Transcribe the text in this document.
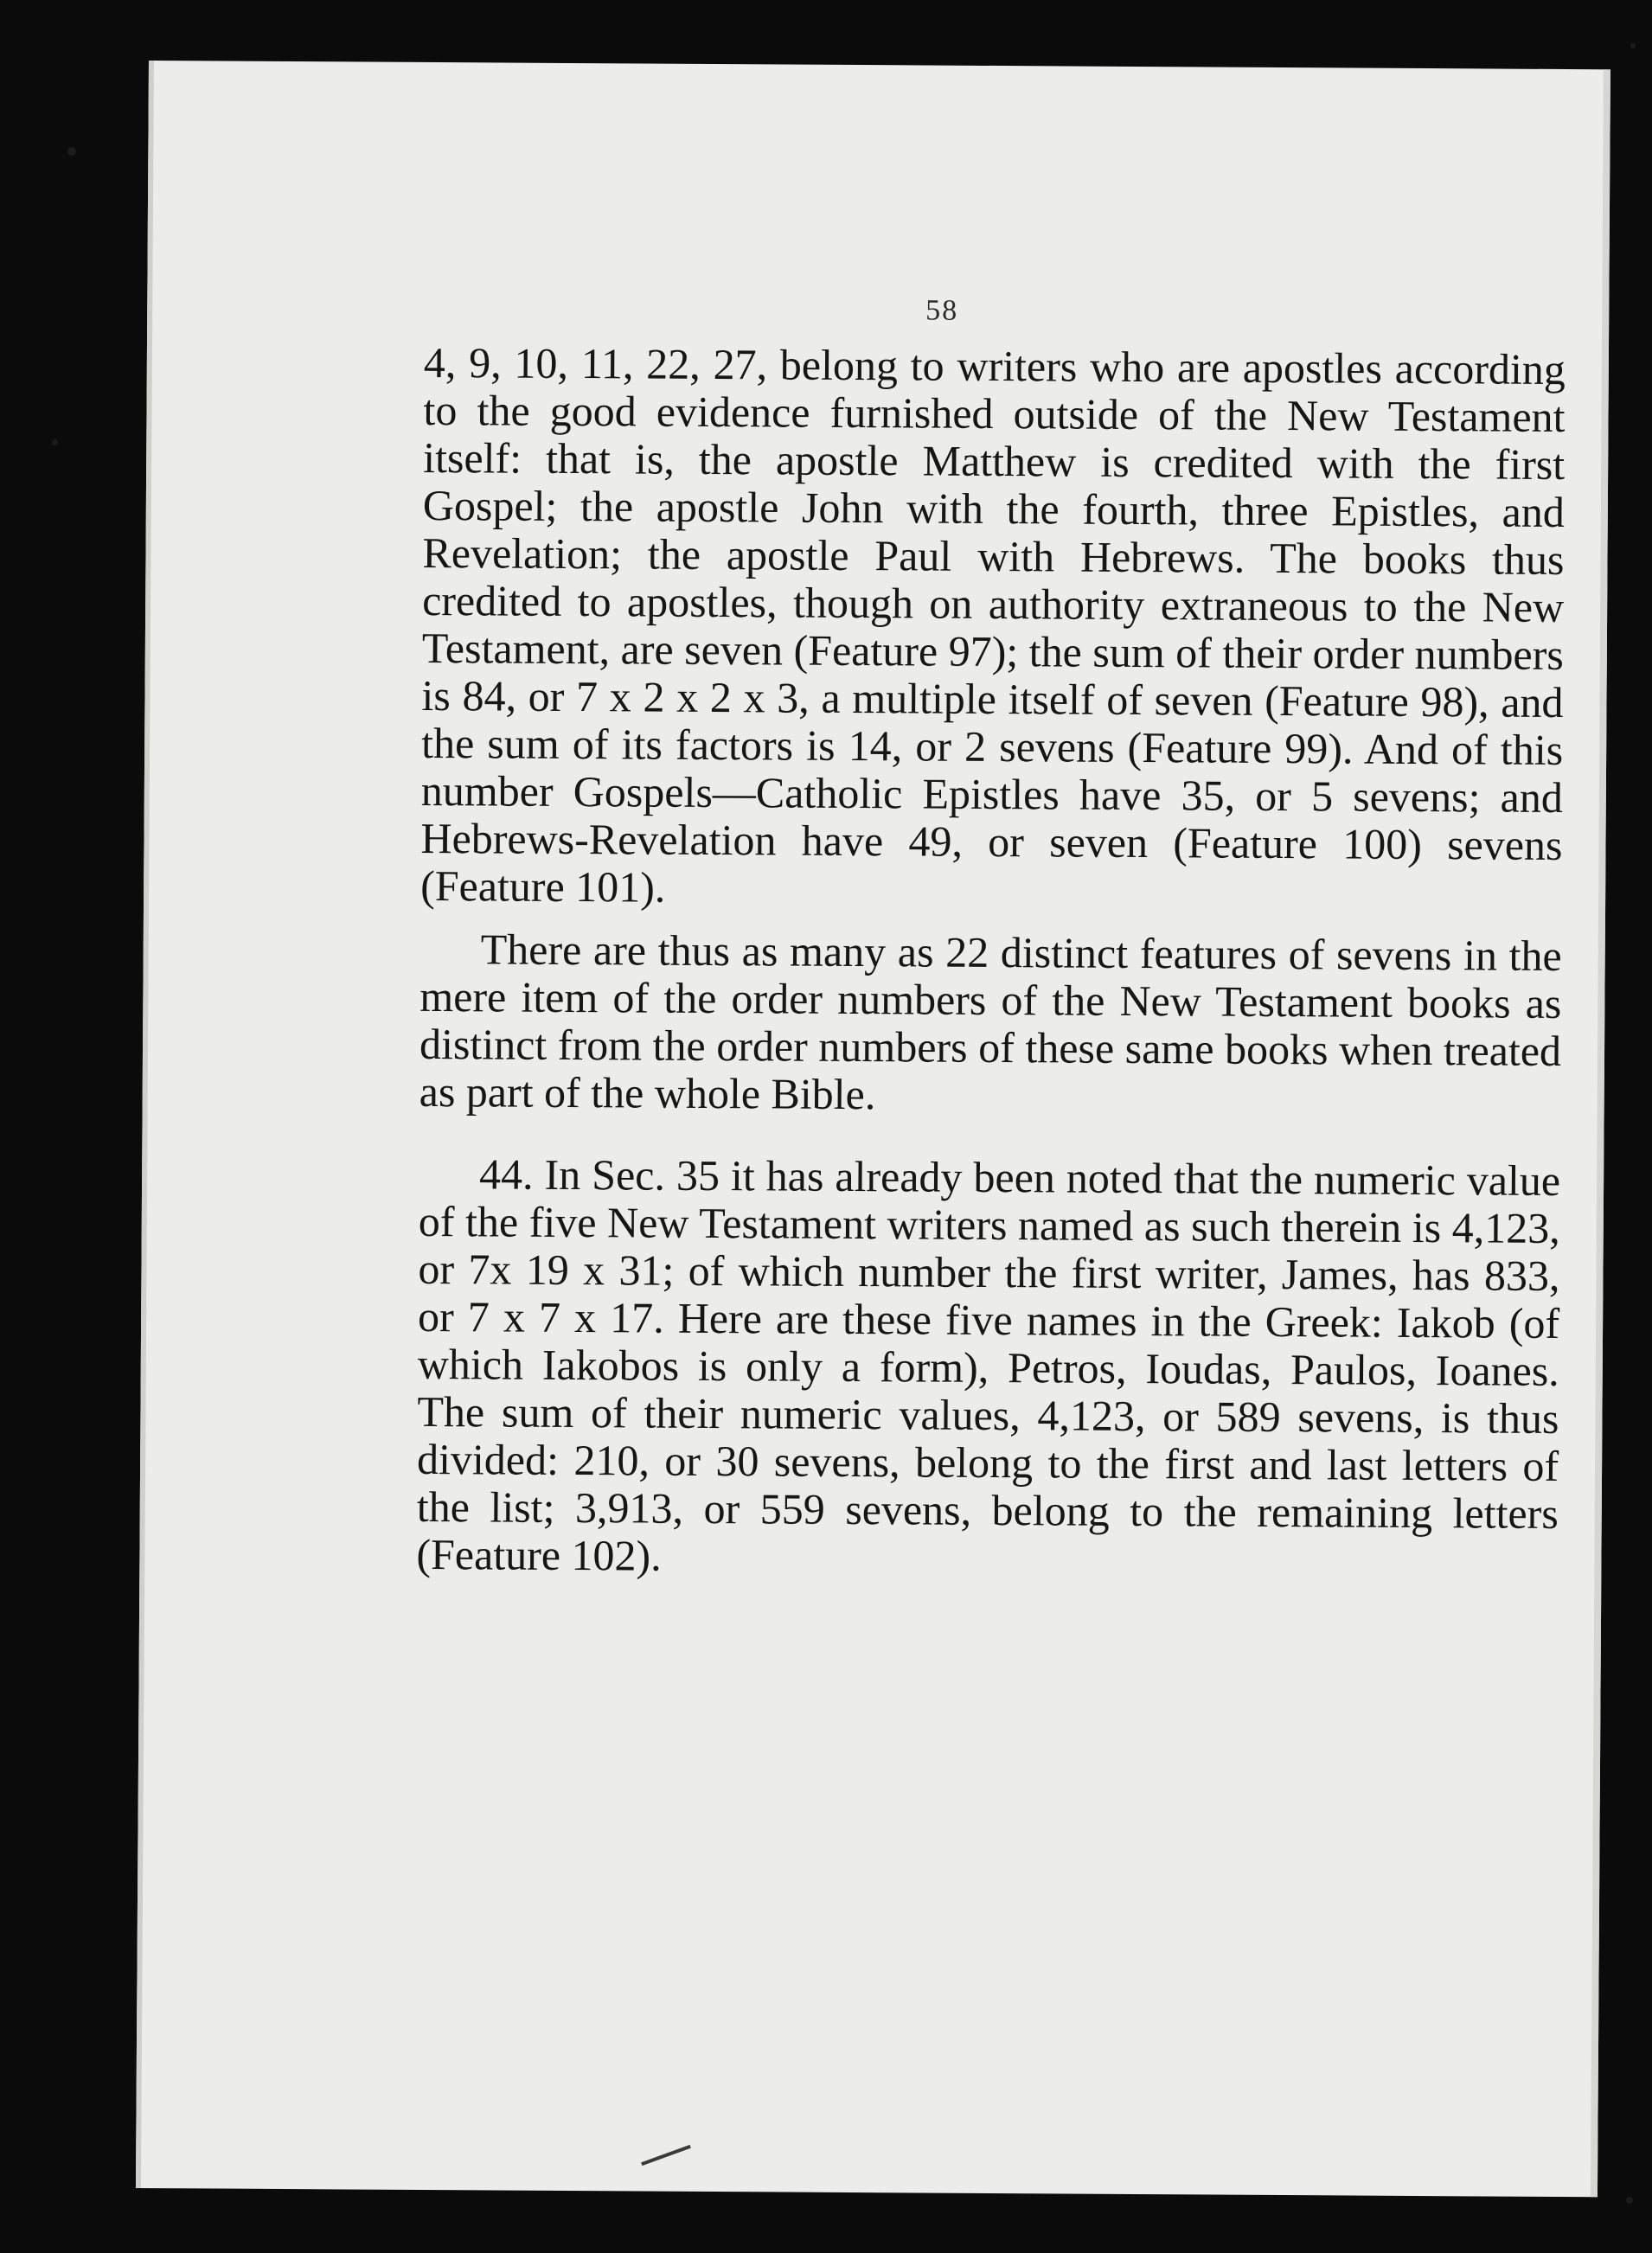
58

4, 9, 10, 11, 22, 27, belong to writers who are apostles according to the good evidence furnished outside of the New Testament itself: that is, the apostle Matthew is credited with the first Gospel; the apostle John with the fourth, three Epistles, and Revelation; the apostle Paul with Hebrews. The books thus credited to apostles, though on authority extraneous to the New Testament, are seven (Feature 97); the sum of their order numbers is 84, or 7 x 2 x 2 x 3, a multiple itself of seven (Feature 98), and the sum of its factors is 14, or 2 sevens (Feature 99). And of this number Gospels—Catholic Epistles have 35, or 5 sevens; and Hebrews-Revelation have 49, or seven (Feature 100) sevens (Feature 101).

There are thus as many as 22 distinct features of sevens in the mere item of the order numbers of the New Testament books as distinct from the order numbers of these same books when treated as part of the whole Bible.

44. In Sec. 35 it has already been noted that the numeric value of the five New Testament writers named as such therein is 4,123, or 7x 19 x 31; of which number the first writer, James, has 833, or 7 x 7 x 17. Here are these five names in the Greek: Iakob (of which Iakobos is only a form), Petros, Ioudas, Paulos, Ioanes. The sum of their numeric values, 4,123, or 589 sevens, is thus divided: 210, or 30 sevens, belong to the first and last letters of the list; 3,913, or 559 sevens, belong to the remaining letters (Feature 102).
